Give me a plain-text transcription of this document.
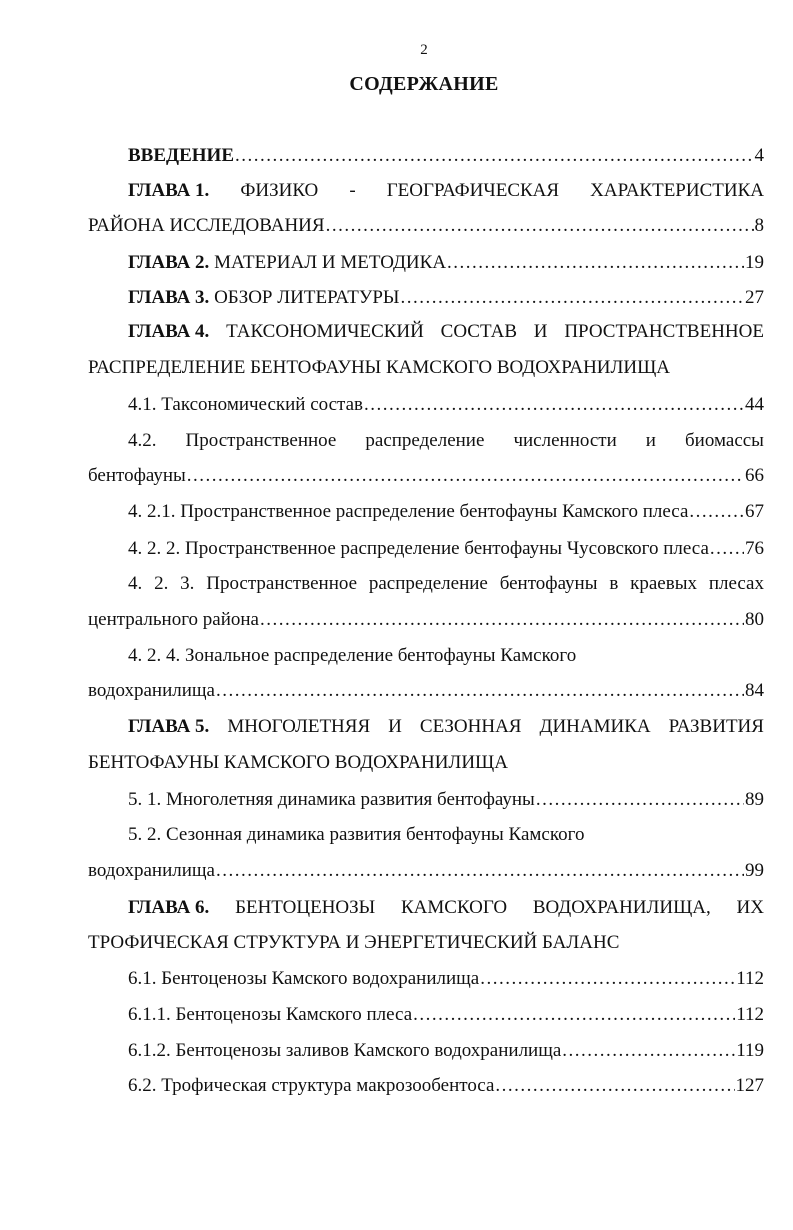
2
СОДЕРЖАНИЕ
ВВЕДЕНИЕ .....	4
ГЛАВА 1. ФИЗИКО - ГЕОГРАФИЧЕСКАЯ ХАРАКТЕРИСТИКА
РАЙОНА ИССЛЕДОВАНИЯ .....	8
ГЛАВА 2. МАТЕРИАЛ И МЕТОДИКА .....	19
ГЛАВА 3. ОБЗОР ЛИТЕРАТУРЫ .....	27
ГЛАВА 4. ТАКСОНОМИЧЕСКИЙ СОСТАВ И ПРОСТРАНСТВЕННОЕ
РАСПРЕДЕЛЕНИЕ БЕНТОФАУНЫ КАМСКОГО ВОДОХРАНИЛИЩА
4.1. Таксономический состав .....	44
4.2. Пространственное распределение численности и биомассы
бентофауны .....	66
4. 2.1. Пространственное распределение бентофауны Камского плеса .....	67
4. 2. 2. Пространственное распределение бентофауны Чусовского плеса ..... 76
4. 2. 3. Пространственное распределение бентофауны в краевых плесах
центрального района .....	80
4. 2. 4. Зональное распределение бентофауны Камского
водохранилища .....	84
ГЛАВА 5. МНОГОЛЕТНЯЯ И СЕЗОННАЯ ДИНАМИКА РАЗВИТИЯ
БЕНТОФАУНЫ КАМСКОГО ВОДОХРАНИЛИЩА
5. 1. Многолетняя динамика развития бентофауны .....	89
5. 2. Сезонная динамика развития бентофауны Камского
водохранилища .....	99
ГЛАВА 6. БЕНТОЦЕНОЗЫ КАМСКОГО ВОДОХРАНИЛИЩА, ИХ
ТРОФИЧЕСКАЯ СТРУКТУРА И ЭНЕРГЕТИЧЕСКИЙ БАЛАНС
6.1. Бентоценозы Камского водохранилища .....	112
6.1.1. Бентоценозы Камского плеса .....	112
6.1.2. Бентоценозы заливов Камского водохранилища .....	119
6.2. Трофическая структура макрозообентоса .....	127
